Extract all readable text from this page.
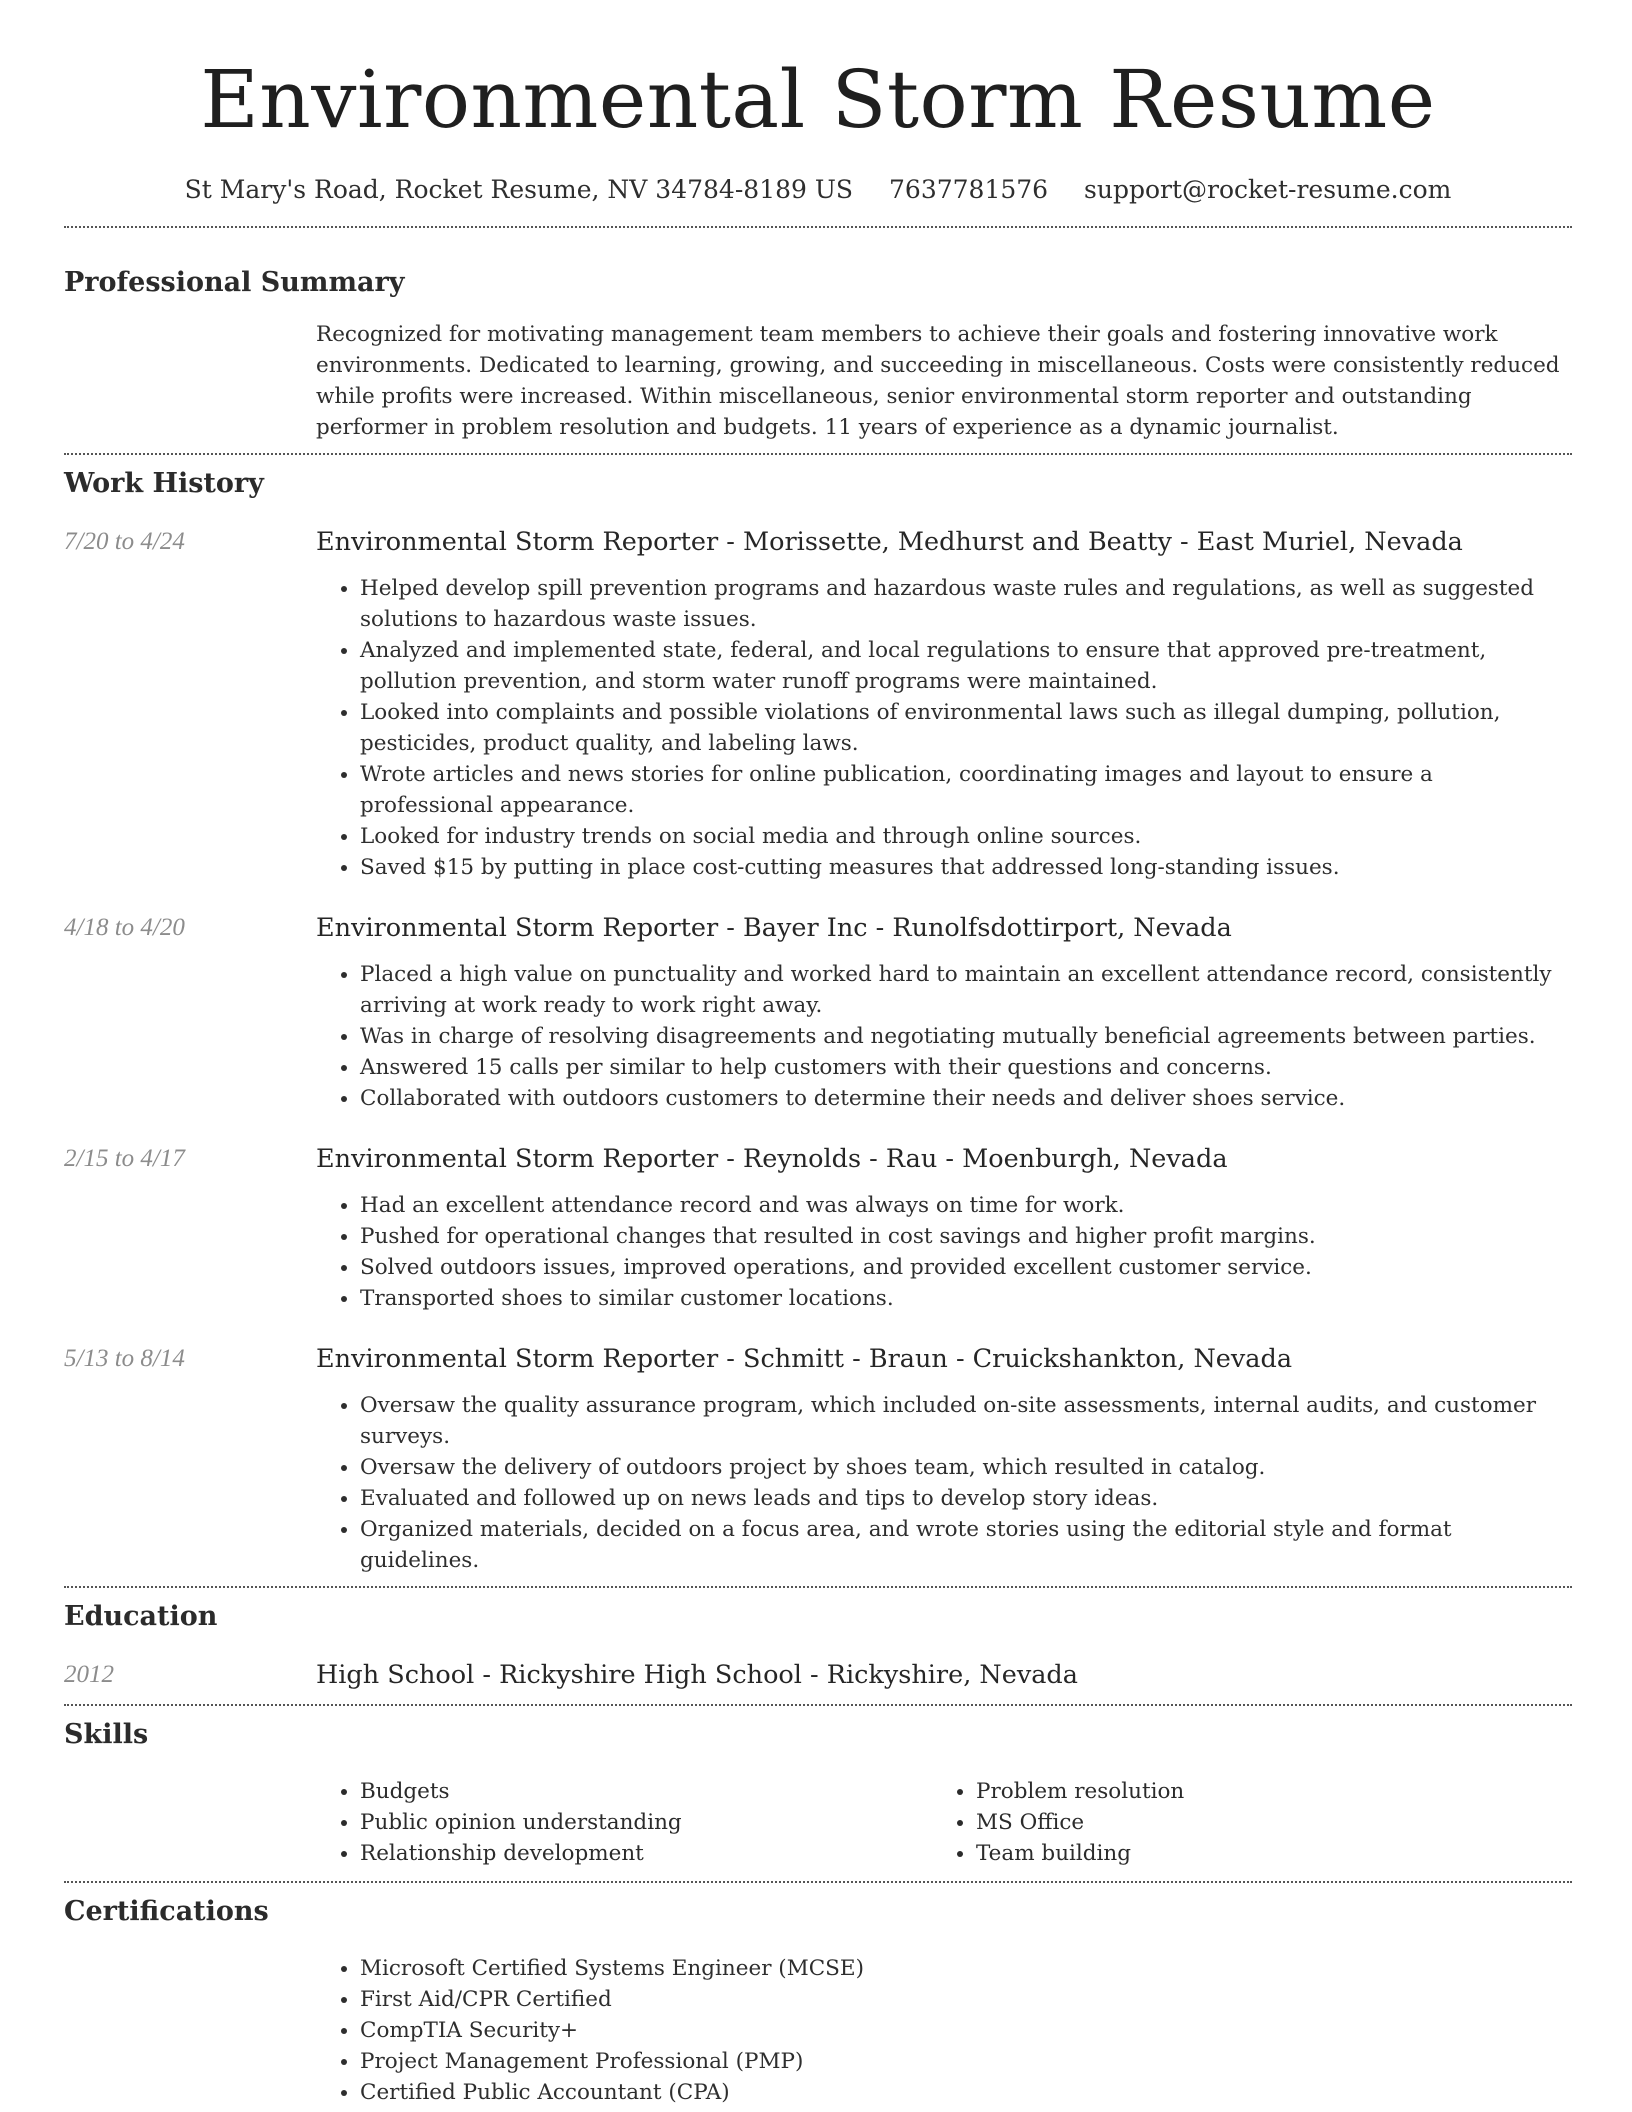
Environmental Storm Resume
St Mary's Road, Rocket Resume, NV 34784-8189 US 7637781576 support@rocket-resume.com
Professional Summary
Recognized for motivating management team members to achieve their goals and fostering innovative work environments. Dedicated to learning, growing, and succeeding in miscellaneous. Costs were consistently reduced while profits were increased. Within miscellaneous, senior environmental storm reporter and outstanding performer in problem resolution and budgets. 11 years of experience as a dynamic journalist.
Work History
7/20 to 4/24	Environmental Storm Reporter - Morissette, Medhurst and Beatty - East Muriel, Nevada
• Helped develop spill prevention programs and hazardous waste rules and regulations, as well as suggested solutions to hazardous waste issues.
• Analyzed and implemented state, federal, and local regulations to ensure that approved pre-treatment, pollution prevention, and storm water runoff programs were maintained.
• Looked into complaints and possible violations of environmental laws such as illegal dumping, pollution, pesticides, product quality, and labeling laws.
• Wrote articles and news stories for online publication, coordinating images and layout to ensure a professional appearance.
• Looked for industry trends on social media and through online sources.
• Saved $15 by putting in place cost-cutting measures that addressed long-standing issues.
4/18 to 4/20	Environmental Storm Reporter - Bayer Inc - Runolfsdottirport, Nevada
• Placed a high value on punctuality and worked hard to maintain an excellent attendance record, consistently arriving at work ready to work right away.
• Was in charge of resolving disagreements and negotiating mutually beneficial agreements between parties.
• Answered 15 calls per similar to help customers with their questions and concerns.
• Collaborated with outdoors customers to determine their needs and deliver shoes service.
2/15 to 4/17	Environmental Storm Reporter - Reynolds - Rau - Moenburgh, Nevada
• Had an excellent attendance record and was always on time for work.
• Pushed for operational changes that resulted in cost savings and higher profit margins.
• Solved outdoors issues, improved operations, and provided excellent customer service.
• Transported shoes to similar customer locations.
5/13 to 8/14	Environmental Storm Reporter - Schmitt - Braun - Cruickshankton, Nevada
• Oversaw the quality assurance program, which included on-site assessments, internal audits, and customer surveys.
• Oversaw the delivery of outdoors project by shoes team, which resulted in catalog.
• Evaluated and followed up on news leads and tips to develop story ideas.
• Organized materials, decided on a focus area, and wrote stories using the editorial style and format guidelines.
Education
2012	High School - Rickyshire High School - Rickyshire, Nevada
Skills
• Budgets
• Public opinion understanding
• Relationship development
• Problem resolution
• MS Office
• Team building
Certifications
• Microsoft Certified Systems Engineer (MCSE)
• First Aid/CPR Certified
• CompTIA Security+
• Project Management Professional (PMP)
• Certified Public Accountant (CPA)
